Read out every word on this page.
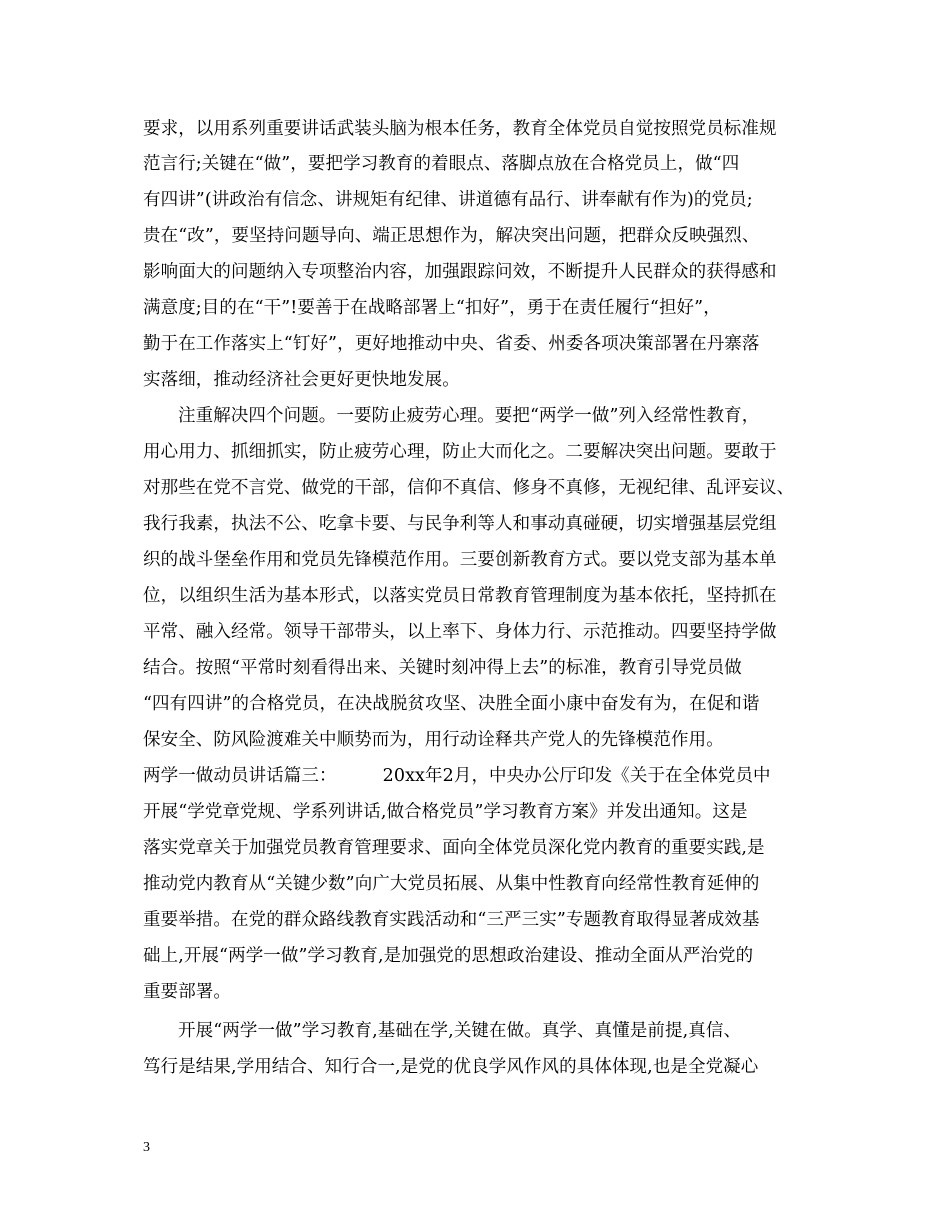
要求，以用系列重要讲话武装头脑为根本任务，教育全体党员自觉按照党员标准规
范言行;关键在“做”，要把学习教育的着眼点、落脚点放在合格党员上，做“四
有四讲”(讲政治有信念、讲规矩有纪律、讲道德有品行、讲奉献有作为)的党员;
贵在“改”，要坚持问题导向、端正思想作为，解决突出问题，把群众反映强烈、
影响面大的问题纳入专项整治内容，加强跟踪问效，不断提升人民群众的获得感和
满意度;目的在“干”!要善于在战略部署上“扣好”，勇于在责任履行“担好”，
勤于在工作落实上“钉好”，更好地推动中央、省委、州委各项决策部署在丹寨落
实落细，推动经济社会更好更快地发展。
注重解决四个问题。一要防止疲劳心理。要把“两学一做”列入经常性教育，
用心用力、抓细抓实，防止疲劳心理，防止大而化之。二要解决突出问题。要敢于
对那些在党不言党、做党的干部，信仰不真信、修身不真修，无视纪律、乱评妄议、
我行我素，执法不公、吃拿卡要、与民争利等人和事动真碰硬，切实增强基层党组
织的战斗堡垒作用和党员先锋模范作用。三要创新教育方式。要以党支部为基本单
位，以组织生活为基本形式，以落实党员日常教育管理制度为基本依托，坚持抓在
平常、融入经常。领导干部带头，以上率下、身体力行、示范推动。四要坚持学做
结合。按照“平常时刻看得出来、关键时刻冲得上去”的标准，教育引导党员做
“四有四讲”的合格党员，在决战脱贫攻坚、决胜全面小康中奋发有为，在促和谐
保安全、防风险渡难关中顺势而为，用行动诠释共产党人的先锋模范作用。
两学一做动员讲话篇三：	20xx年2月，中央办公厅印发《关于在全体党员中
开展“学党章党规、学系列讲话,做合格党员”学习教育方案》并发出通知。这是
落实党章关于加强党员教育管理要求、面向全体党员深化党内教育的重要实践,是
推动党内教育从“关键少数”向广大党员拓展、从集中性教育向经常性教育延伸的
重要举措。在党的群众路线教育实践活动和“三严三实”专题教育取得显著成效基
础上,开展“两学一做”学习教育,是加强党的思想政治建设、推动全面从严治党的
重要部署。
开展“两学一做”学习教育,基础在学,关键在做。真学、真懂是前提,真信、
笃行是结果,学用结合、知行合一,是党的优良学风作风的具体体现,也是全党凝心
3
